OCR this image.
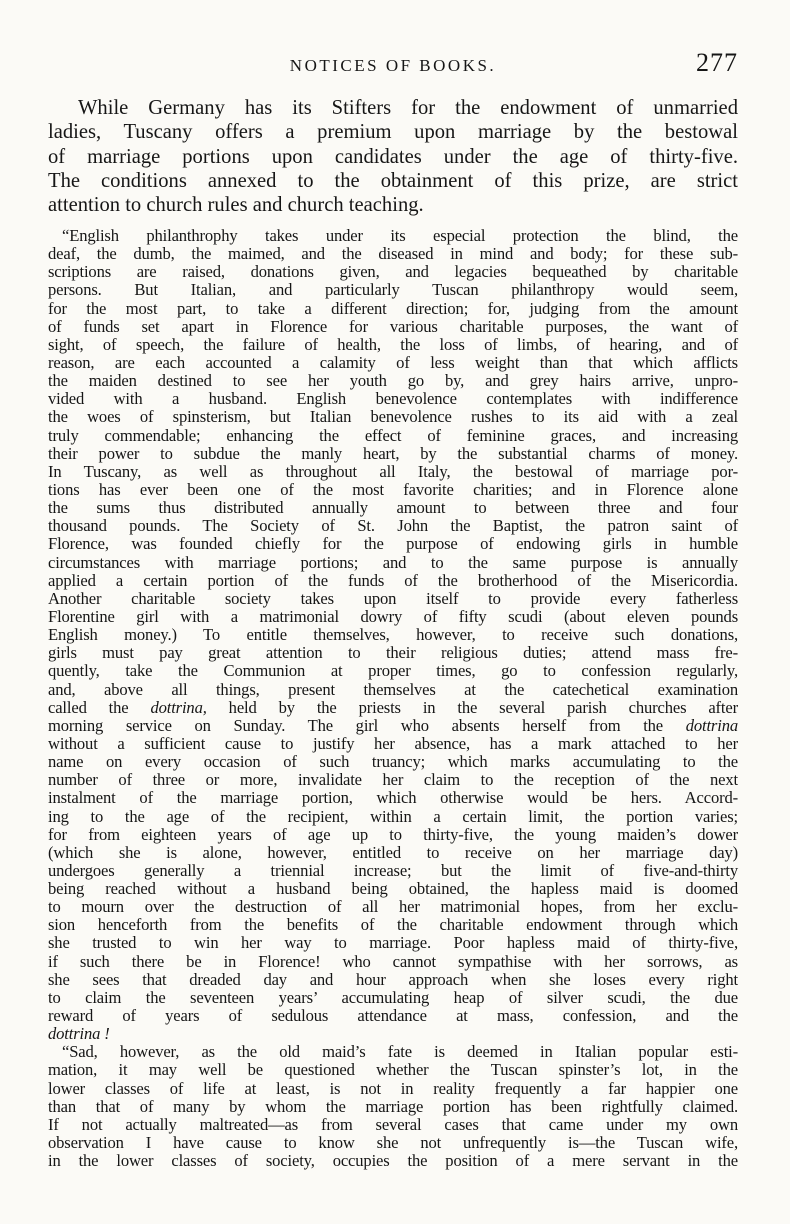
NOTICES OF BOOKS.	277
While Germany has its Stifters for the endowment of unmarried
ladies, Tuscany offers a premium upon marriage by the bestowal
of marriage portions upon candidates under the age of thirty-five.
The conditions annexed to the obtainment of this prize, are strict
attention to church rules and church teaching.
“English philanthrophy takes under its especial protection the blind, the
deaf, the dumb, the maimed, and the diseased in mind and body; for these sub-
scriptions are raised, donations given, and legacies bequeathed by charitable
persons. But Italian, and particularly Tuscan philanthropy would seem,
for the most part, to take a different direction; for, judging from the amount
of funds set apart in Florence for various charitable purposes, the want of
sight, of speech, the failure of health, the loss of limbs, of hearing, and of
reason, are each accounted a calamity of less weight than that which afflicts
the maiden destined to see her youth go by, and grey hairs arrive, unpro-
vided with a husband. English benevolence contemplates with indifference
the woes of spinsterism, but Italian benevolence rushes to its aid with a zeal
truly commendable; enhancing the effect of feminine graces, and increasing
their power to subdue the manly heart, by the substantial charms of money.
In Tuscany, as well as throughout all Italy, the bestowal of marriage por-
tions has ever been one of the most favorite charities; and in Florence alone
the sums thus distributed annually amount to between three and four
thousand pounds. The Society of St. John the Baptist, the patron saint of
Florence, was founded chiefly for the purpose of endowing girls in humble
circumstances with marriage portions; and to the same purpose is annually
applied a certain portion of the funds of the brotherhood of the Misericordia.
Another charitable society takes upon itself to provide every fatherless
Florentine girl with a matrimonial dowry of fifty scudi (about eleven pounds
English money.) To entitle themselves, however, to receive such donations,
girls must pay great attention to their religious duties; attend mass fre-
quently, take the Communion at proper times, go to confession regularly,
and, above all things, present themselves at the catechetical examination
called the dottrina, held by the priests in the several parish churches after
morning service on Sunday. The girl who absents herself from the dottrina
without a sufficient cause to justify her absence, has a mark attached to her
name on every occasion of such truancy; which marks accumulating to the
number of three or more, invalidate her claim to the reception of the next
instalment of the marriage portion, which otherwise would be hers. Accord-
ing to the age of the recipient, within a certain limit, the portion varies;
for from eighteen years of age up to thirty-five, the young maiden’s dower
(which she is alone, however, entitled to receive on her marriage day)
undergoes generally a triennial increase; but the limit of five-and-thirty
being reached without a husband being obtained, the hapless maid is doomed
to mourn over the destruction of all her matrimonial hopes, from her exclu-
sion henceforth from the benefits of the charitable endowment through which
she trusted to win her way to marriage. Poor hapless maid of thirty-five,
if such there be in Florence! who cannot sympathise with her sorrows, as
she sees that dreaded day and hour approach when she loses every right
to claim the seventeen years’ accumulating heap of silver scudi, the due
reward of years of sedulous attendance at mass, confession, and the
dottrina !
“Sad, however, as the old maid’s fate is deemed in Italian popular esti-
mation, it may well be questioned whether the Tuscan spinster’s lot, in the
lower classes of life at least, is not in reality frequently a far happier one
than that of many by whom the marriage portion has been rightfully claimed.
If not actually maltreated—as from several cases that came under my own
observation I have cause to know she not unfrequently is—the Tuscan wife,
in the lower classes of society, occupies the position of a mere servant in the
